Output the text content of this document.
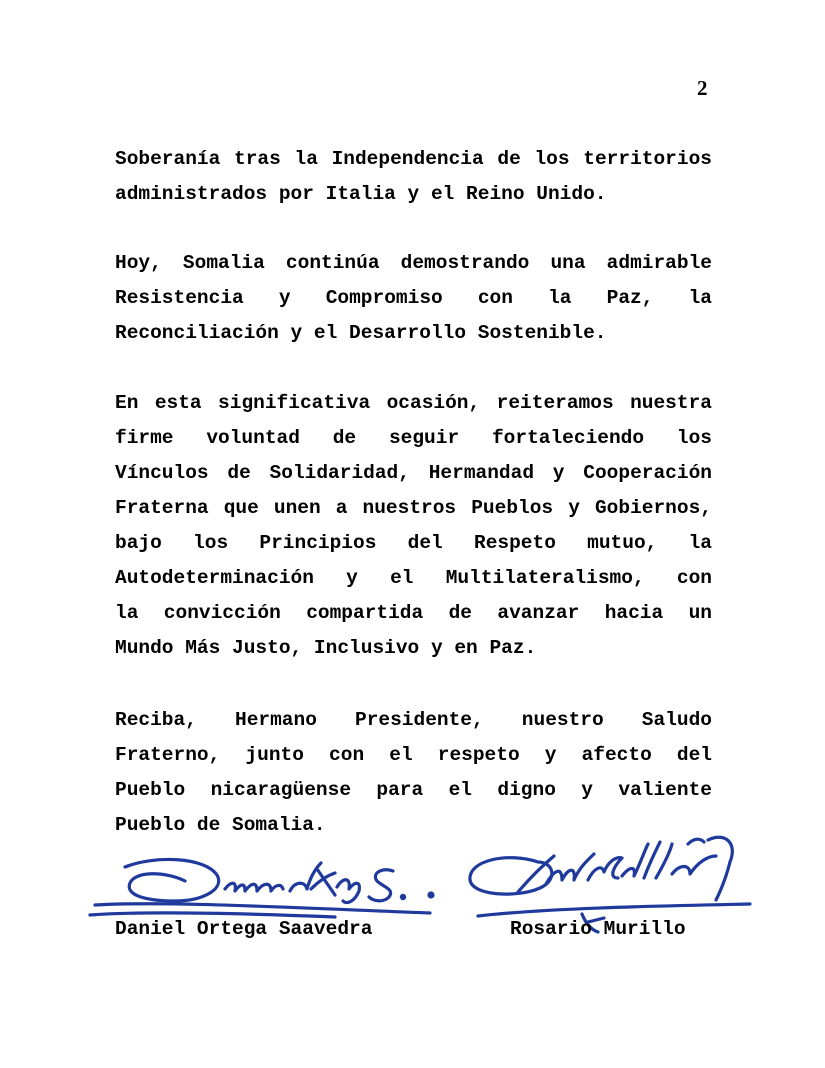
2

Soberanía tras la Independencia de los territorios
administrados por Italia y el Reino Unido.

Hoy, Somalia continúa demostrando una admirable
Resistencia y Compromiso con la Paz, la
Reconciliación y el Desarrollo Sostenible.

En esta significativa ocasión, reiteramos nuestra
firme voluntad de seguir fortaleciendo los
Vínculos de Solidaridad, Hermandad y Cooperación
Fraterna que unen a nuestros Pueblos y Gobiernos,
bajo los Principios del Respeto mutuo, la
Autodeterminación y el Multilateralismo, con
la convicción compartida de avanzar hacia un
Mundo Más Justo, Inclusivo y en Paz.

Reciba, Hermano Presidente, nuestro Saludo
Fraterno, junto con el respeto y afecto del
Pueblo nicaragüense para el digno y valiente
Pueblo de Somalia.

Daniel Ortega Saavedra	Rosario Murillo
